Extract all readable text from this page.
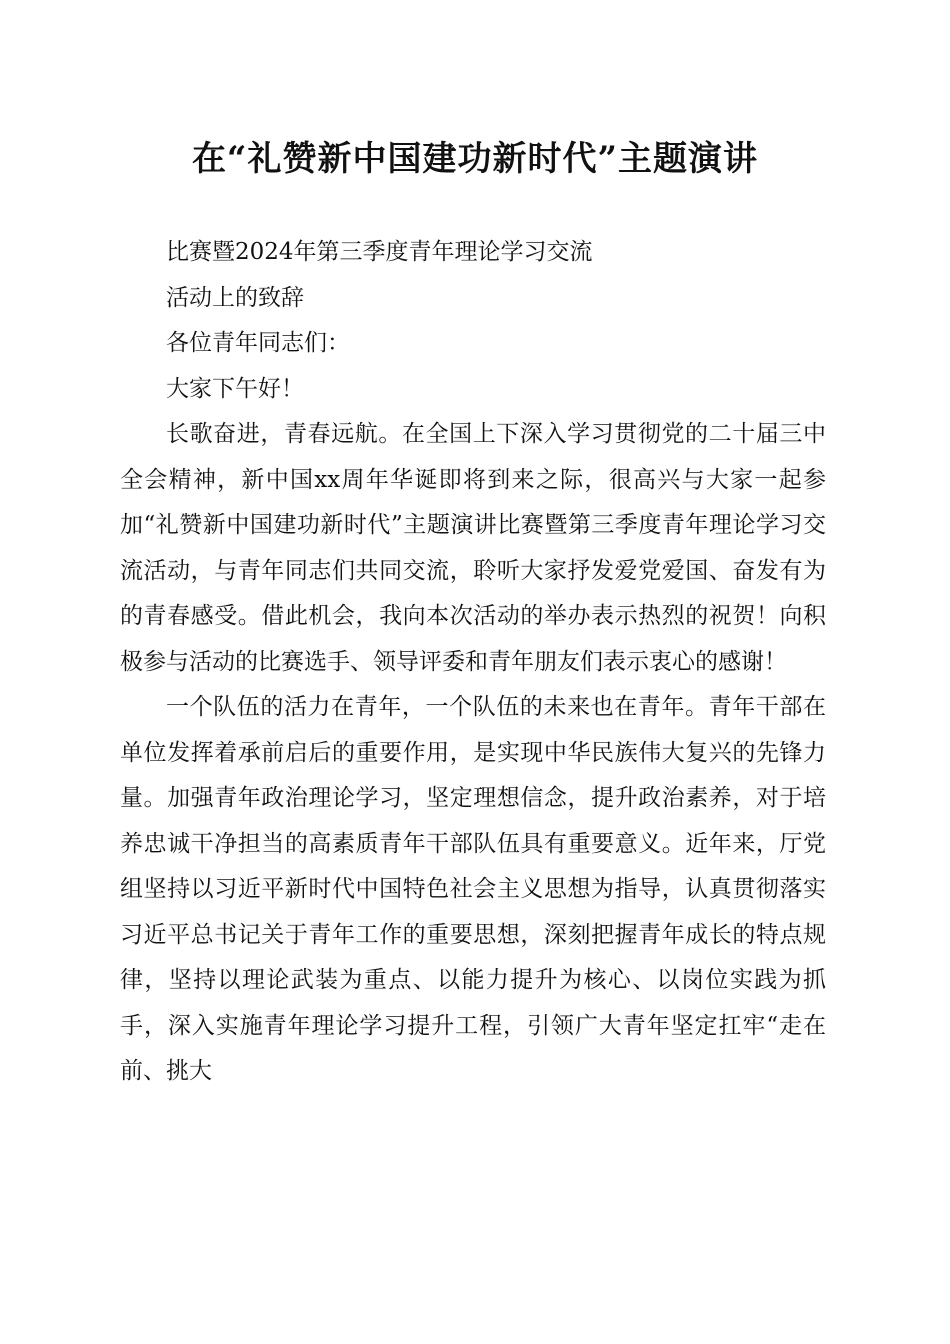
在“礼赞新中国建功新时代”主题演讲

比赛暨2024年第三季度青年理论学习交流

活动上的致辞

各位青年同志们：

大家下午好！

长歌奋进，青春远航。在全国上下深入学习贯彻党的二十届三中全会精神，新中国xx周年华诞即将到来之际，很高兴与大家一起参加“礼赞新中国建功新时代”主题演讲比赛暨第三季度青年理论学习交流活动，与青年同志们共同交流，聆听大家抒发爱党爱国、奋发有为的青春感受。借此机会，我向本次活动的举办表示热烈的祝贺！向积极参与活动的比赛选手、领导评委和青年朋友们表示衷心的感谢！

一个队伍的活力在青年，一个队伍的未来也在青年。青年干部在单位发挥着承前启后的重要作用，是实现中华民族伟大复兴的先锋力量。加强青年政治理论学习，坚定理想信念，提升政治素养，对于培养忠诚干净担当的高素质青年干部队伍具有重要意义。近年来，厅党组坚持以习近平新时代中国特色社会主义思想为指导，认真贯彻落实习近平总书记关于青年工作的重要思想，深刻把握青年成长的特点规律，坚持以理论武装为重点、以能力提升为核心、以岗位实践为抓手，深入实施青年理论学习提升工程，引领广大青年坚定扛牢“走在前、挑大
